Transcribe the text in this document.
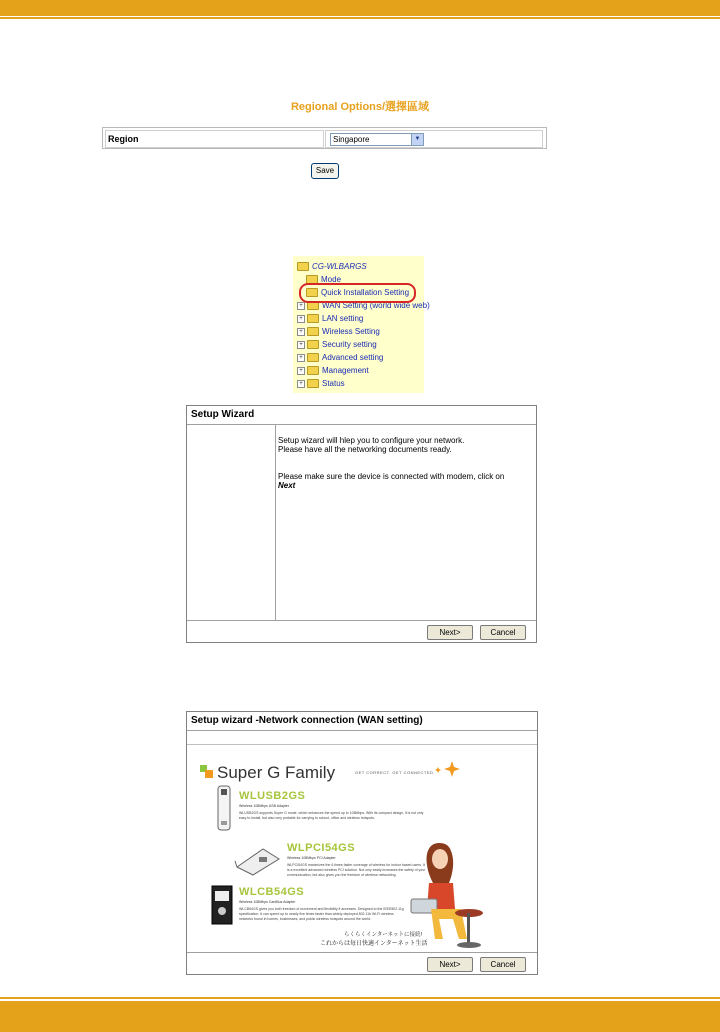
Regional Options/選擇區域
Region	Singapore	▼
Save
CG-WLBARGS
Mode
Quick Installation Setting
+ WAN Setting (world wide web)
+ LAN setting
+ Wireless Setting
+ Security setting
+ Advanced setting
+ Management
+ Status
Setup Wizard

Setup wizard will hlep you to configure your network.

Please have all the networking documents ready.

Please make sure the device is connected with modem, click on

Next

Next>	Cancel
Setup wizard -Network connection (WAN setting)
Super G Family	GET CORRECT. GET CONNECTED.
WLUSB2GS
Wireless 108Mbps USB Adapter
WLUSB2GS supports Super G mode, which enhances the speed up to 108Mbps. With its compact design, it is not only easy to install, but also very portable for carrying to school, office and wireless hotspots.
WLPCI54GS
Wireless 108Mbps PCI Adapter
WLPCI54GS maximizes the 6 times faster coverage of wireless for indoor based users. It is a excellent advanced wireless PCI solution. Not only easily increases the safety of your communication, but also gives you the freedom of wireless networking.
WLCB54GS
Wireless 108Mbps CardBus Adapter
WLCB54GS gives you both freedom of movement and flexibility if accesses. Designed to the IEEE802.11g specification. It can speed up to nearly five times faster than widely deployed 802.11b Wi-Fi wireless networks found in homes, businesses, and public wireless hotspots around the world.
らくらくインターネットに接続!
これからは毎日快適インターネット生活
Next>	Cancel
